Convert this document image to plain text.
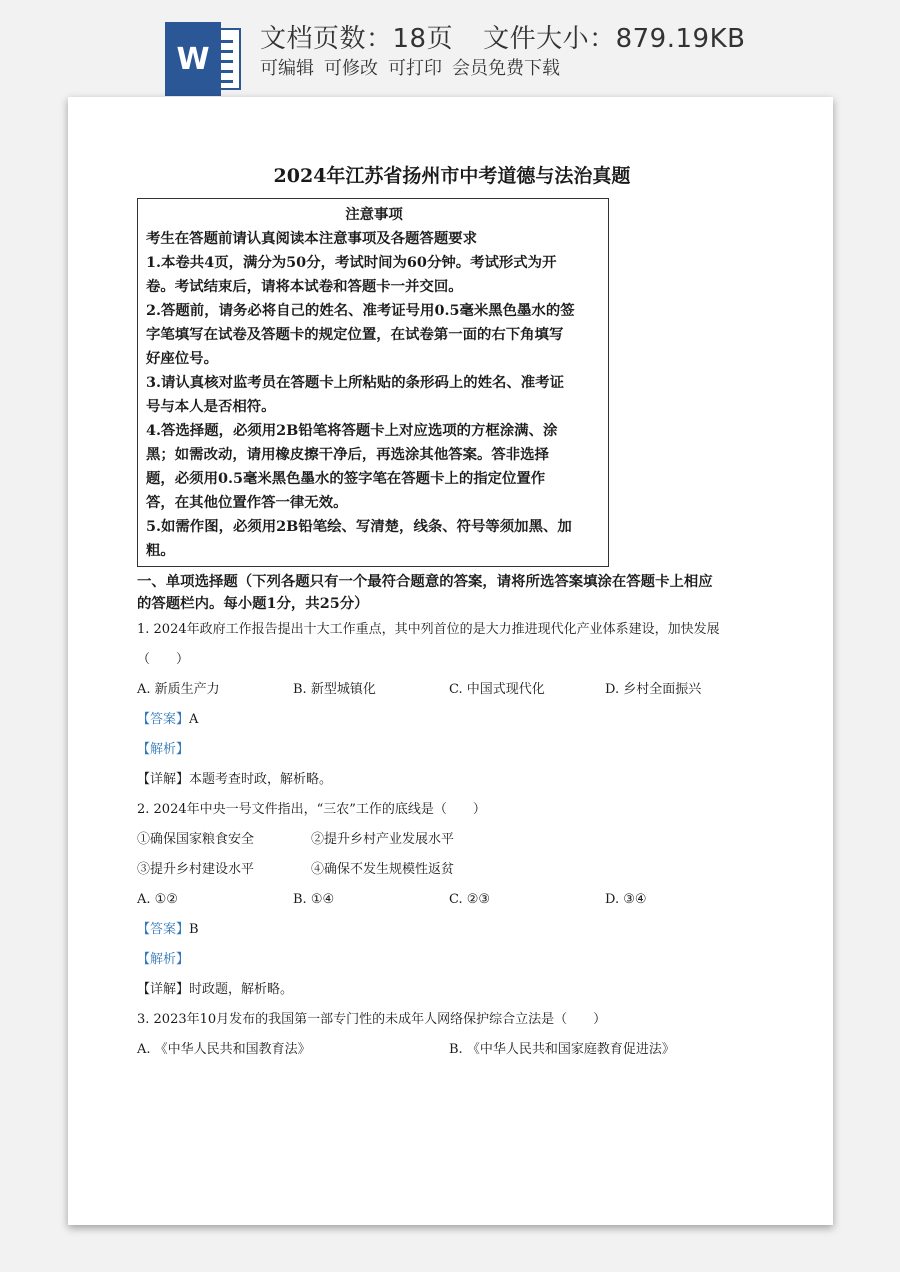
W
文档页数：18页 文件大小：879.19KB
可编辑 可修改 可打印 会员免费下载
2024年江苏省扬州市中考道德与法治真题
注意事项
考生在答题前请认真阅读本注意事项及各题答题要求
1.本卷共4页，满分为50分，考试时间为60分钟。考试形式为开
卷。考试结束后，请将本试卷和答题卡一并交回。
2.答题前，请务必将自己的姓名、准考证号用0.5毫米黑色墨水的签
字笔填写在试卷及答题卡的规定位置，在试卷第一面的右下角填写
好座位号。
3.请认真核对监考员在答题卡上所粘贴的条形码上的姓名、准考证
号与本人是否相符。
4.答选择题，必须用2B铅笔将答题卡上对应选项的方框涂满、涂
黑；如需改动，请用橡皮擦干净后，再选涂其他答案。答非选择
题，必须用0.5毫米黑色墨水的签字笔在答题卡上的指定位置作
答，在其他位置作答一律无效。
5.如需作图，必须用2B铅笔绘、写清楚，线条、符号等须加黑、加
粗。
一、单项选择题（下列各题只有一个最符合题意的答案，请将所选答案填涂在答题卡上相应
的答题栏内。每小题1分，共25分）
1. 2024年政府工作报告提出十大工作重点，其中列首位的是大力推进现代化产业体系建设，加快发展
（　　）
A. 新质生产力	B. 新型城镇化	C. 中国式现代化	D. 乡村全面振兴
【答案】A
【解析】
【详解】本题考查时政，解析略。
2. 2024年中央一号文件指出，“三农”工作的底线是（　　）
①确保国家粮食安全	②提升乡村产业发展水平
③提升乡村建设水平	④确保不发生规模性返贫
A. ①②	B. ①④	C. ②③	D. ③④
【答案】B
【解析】
【详解】时政题，解析略。
3. 2023年10月发布的我国第一部专门性的未成年人网络保护综合立法是（　　）
A. 《中华人民共和国教育法》	B. 《中华人民共和国家庭教育促进法》
